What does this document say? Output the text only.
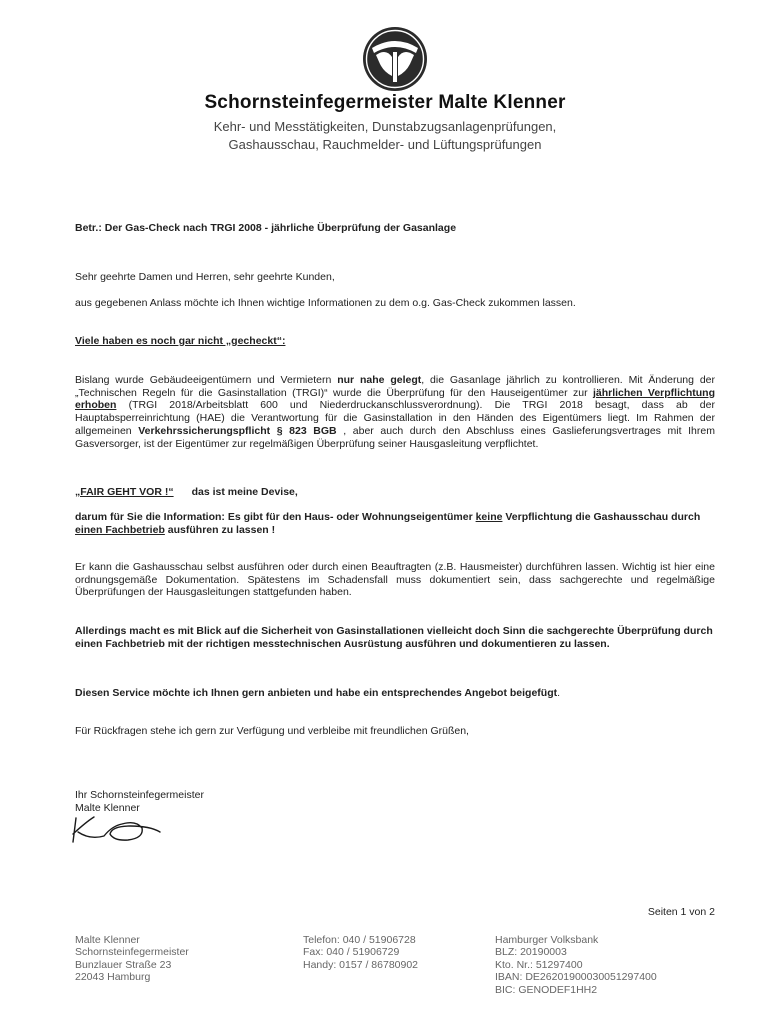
Schornsteinfegermeister Malte Klenner
Kehr- und Messtätigkeiten, Dunstabzugsanlagenprüfungen,
Gashausschau, Rauchmelder- und Lüftungsprüfungen
Betr.: Der Gas-Check nach TRGI 2008 - jährliche Überprüfung der Gasanlage
Sehr geehrte Damen und Herren, sehr geehrte Kunden,
aus gegebenen Anlass möchte ich Ihnen wichtige Informationen zu dem o.g. Gas-Check zukommen lassen.
Viele haben es noch gar nicht „gecheckt“:
Bislang wurde Gebäudeeigentümern und Vermietern nur nahe gelegt, die Gasanlage jährlich zu kontrollieren. Mit Änderung der „Technischen Regeln für die Gasinstallation (TRGI)“ wurde die Überprüfung für den Hauseigentümer zur jährlichen Verpflichtung erhoben (TRGI 2018/Arbeitsblatt 600 und Niederdruckanschlussverordnung). Die TRGI 2018 besagt, dass ab der Hauptabsperreinrichtung (HAE) die Verantwortung für die Gasinstallation in den Händen des Eigentümers liegt. Im Rahmen der allgemeinen Verkehrssicherungspflicht § 823 BGB , aber auch durch den Abschluss eines Gaslieferungsvertrages mit Ihrem Gasversorger, ist der Eigentümer zur regelmäßigen Überprüfung seiner Hausgasleitung verpflichtet.
„FAIR GEHT VOR !“ das ist meine Devise,
darum für Sie die Information: Es gibt für den Haus- oder Wohnungseigentümer keine Verpflichtung die Gashausschau durch einen Fachbetrieb ausführen zu lassen !
Er kann die Gashausschau selbst ausführen oder durch einen Beauftragten (z.B. Hausmeister) durchführen lassen. Wichtig ist hier eine ordnungsgemäße Dokumentation. Spätestens im Schadensfall muss dokumentiert sein, dass sachgerechte und regelmäßige Überprüfungen der Hausgasleitungen stattgefunden haben.
Allerdings macht es mit Blick auf die Sicherheit von Gasinstallationen vielleicht doch Sinn die sachgerechte Überprüfung durch einen Fachbetrieb mit der richtigen messtechnischen Ausrüstung ausführen und dokumentieren zu lassen.
Diesen Service möchte ich Ihnen gern anbieten und habe ein entsprechendes Angebot beigefügt.
Für Rückfragen stehe ich gern zur Verfügung und verbleibe mit freundlichen Grüßen,
Ihr Schornsteinfegermeister
Malte Klenner
Seiten 1 von 2
Malte Klenner
Schornsteinfegermeister
Bunzlauer Straße 23
22043 Hamburg
Telefon: 040 / 51906728
Fax: 040 / 51906729
Handy: 0157 / 86780902
Hamburger Volksbank
BLZ: 20190003
Kto. Nr.: 51297400
IBAN: DE26201900030051297400
BIC: GENODEF1HH2
